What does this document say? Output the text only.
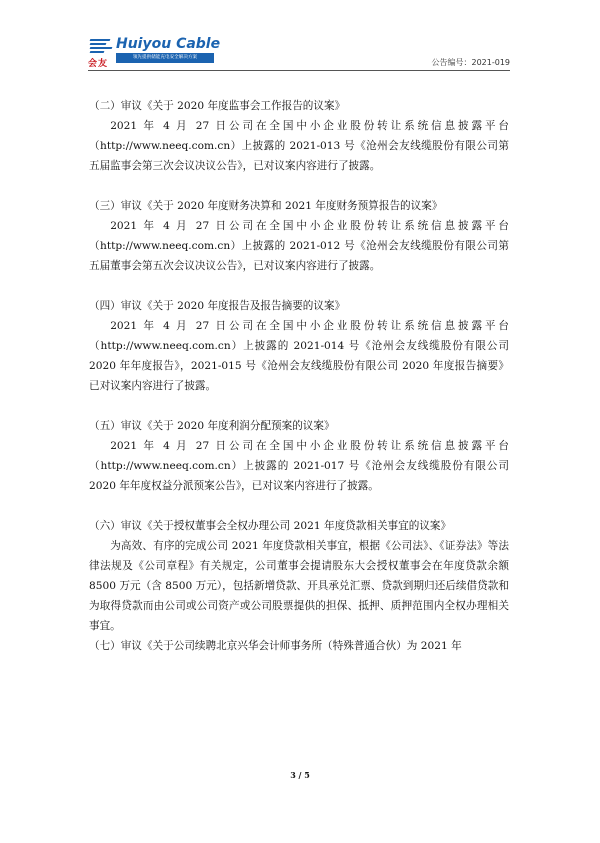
会友
Huiyou Cable
领先提供储能充电安全解决方案
公告编号：2021-019

（二）审议《关于 2020 年度监事会工作报告的议案》

2021 年 4 月 27 日公司在全国中小企业股份转让系统信息披露平台（http://www.neeq.com.cn）上披露的 2021-013 号《沧州会友线缆股份有限公司第五届监事会第三次会议决议公告》，已对议案内容进行了披露。

（三）审议《关于 2020 年度财务决算和 2021 年度财务预算报告的议案》

2021 年 4 月 27 日公司在全国中小企业股份转让系统信息披露平台（http://www.neeq.com.cn）上披露的 2021-012 号《沧州会友线缆股份有限公司第五届董事会第五次会议决议公告》，已对议案内容进行了披露。

（四）审议《关于 2020 年度报告及报告摘要的议案》

2021 年 4 月 27 日公司在全国中小企业股份转让系统信息披露平台（http://www.neeq.com.cn）上披露的 2021-014 号《沧州会友线缆股份有限公司 2020 年年度报告》，2021-015 号《沧州会友线缆股份有限公司 2020 年度报告摘要》已对议案内容进行了披露。

（五）审议《关于 2020 年度利润分配预案的议案》

2021 年 4 月 27 日公司在全国中小企业股份转让系统信息披露平台（http://www.neeq.com.cn）上披露的 2021-017 号《沧州会友线缆股份有限公司 2020 年年度权益分派预案公告》，已对议案内容进行了披露。

（六）审议《关于授权董事会全权办理公司 2021 年度贷款相关事宜的议案》

为高效、有序的完成公司 2021 年度贷款相关事宜，根据《公司法》、《证券法》等法律法规及《公司章程》有关规定，公司董事会提请股东大会授权董事会在年度贷款余额 8500 万元（含 8500 万元），包括新增贷款、开具承兑汇票、贷款到期归还后续借贷款和为取得贷款而由公司或公司资产或公司股票提供的担保、抵押、质押范围内全权办理相关事宜。

（七）审议《关于公司续聘北京兴华会计师事务所（特殊普通合伙）为 2021 年

3 / 5
